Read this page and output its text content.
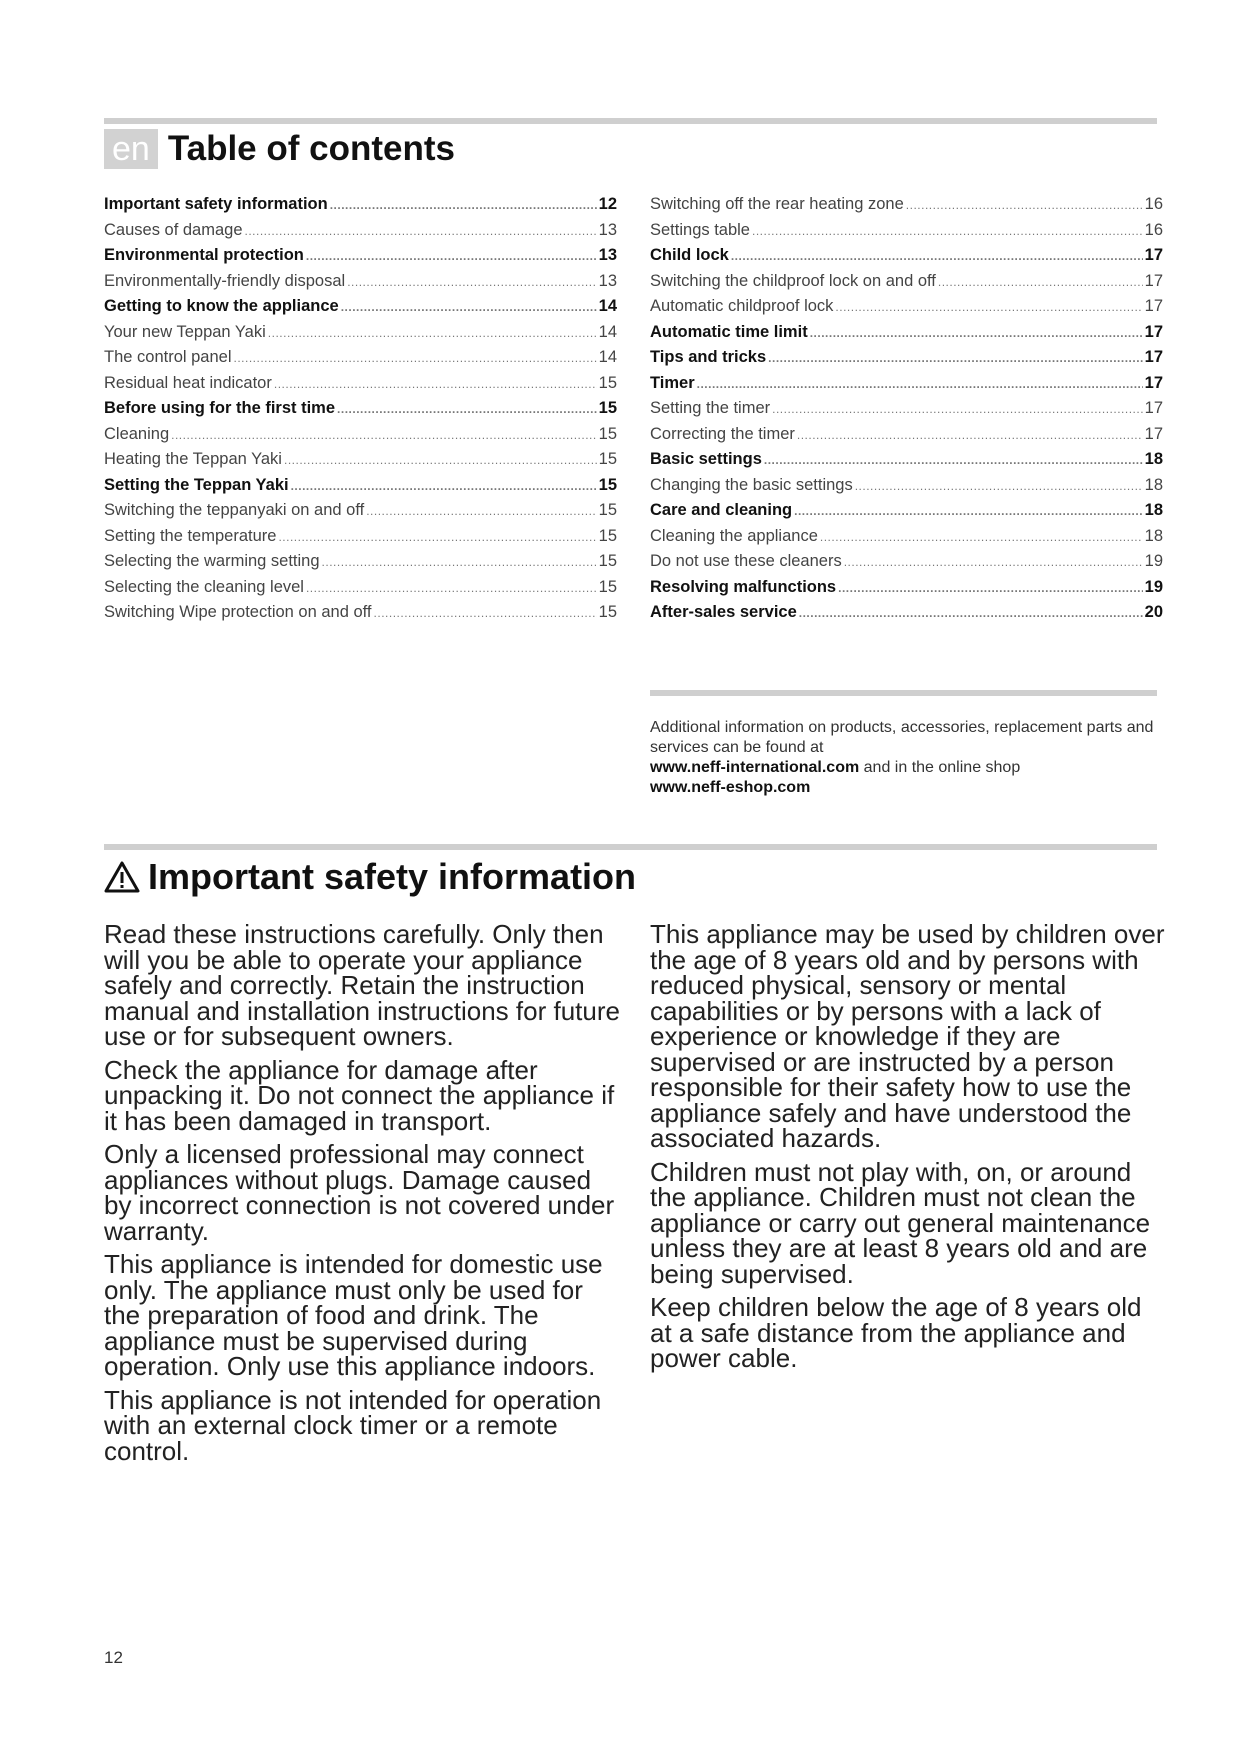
en Table of contents
Important safety information .....	12
Causes of damage .....	13
Environmental protection .....	13
Environmentally-friendly disposal .....	13
Getting to know the appliance .....	14
Your new Teppan Yaki .....	14
The control panel .....	14
Residual heat indicator .....	15
Before using for the first time .....	15
Cleaning .....	15
Heating the Teppan Yaki .....	15
Setting the Teppan Yaki .....	15
Switching the teppanyaki on and off .....	15
Setting the temperature .....	15
Selecting the warming setting .....	15
Selecting the cleaning level .....	15
Switching Wipe protection on and off .....	15
Switching off the rear heating zone .....	16
Settings table .....	16
Child lock .....	17
Switching the childproof lock on and off .....	17
Automatic childproof lock .....	17
Automatic time limit .....	17
Tips and tricks .....	17
Timer .....	17
Setting the timer .....	17
Correcting the timer .....	17
Basic settings .....	18
Changing the basic settings .....	18
Care and cleaning .....	18
Cleaning the appliance .....	18
Do not use these cleaners .....	19
Resolving malfunctions .....	19
After-sales service .....	20

Additional information on products, accessories, replacement parts and services can be found at
www.neff-international.com and in the online shop
www.neff-eshop.com

Important safety information

Read these instructions carefully. Only then will you be able to operate your appliance safely and correctly. Retain the instruction manual and installation instructions for future use or for subsequent owners.

Check the appliance for damage after unpacking it. Do not connect the appliance if it has been damaged in transport.

Only a licensed professional may connect appliances without plugs. Damage caused by incorrect connection is not covered under warranty.

This appliance is intended for domestic use only. The appliance must only be used for the preparation of food and drink. The appliance must be supervised during operation. Only use this appliance indoors.

This appliance is not intended for operation with an external clock timer or a remote control.

This appliance may be used by children over the age of 8 years old and by persons with reduced physical, sensory or mental capabilities or by persons with a lack of experience or knowledge if they are supervised or are instructed by a person responsible for their safety how to use the appliance safely and have understood the associated hazards.

Children must not play with, on, or around the appliance. Children must not clean the appliance or carry out general maintenance unless they are at least 8 years old and are being supervised.

Keep children below the age of 8 years old at a safe distance from the appliance and power cable.

12
